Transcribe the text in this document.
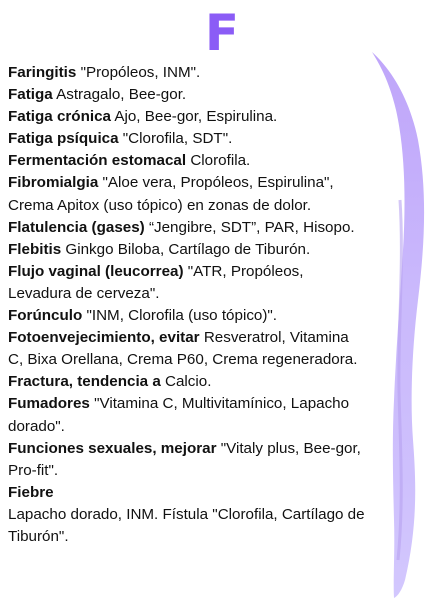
F
Faringitis "Propóleos, INM".
Fatiga Astragalo, Bee-gor.
Fatiga crónica Ajo, Bee-gor, Espirulina.
Fatiga psíquica "Clorofila, SDT".
Fermentación estomacal Clorofila.
Fibromialgia "Aloe vera, Propóleos, Espirulina", Crema Apitox (uso tópico) en zonas de dolor.
Flatulencia (gases) “Jengibre, SDT”, PAR, Hisopo.
Flebitis Ginkgo Biloba, Cartílago de Tiburón.
Flujo vaginal (leucorrea) "ATR, Propóleos, Levadura de cerveza".
Forúnculo "INM, Clorofila (uso tópico)".
Fotoenvejecimiento, evitar Resveratrol, Vitamina C, Bixa Orellana, Crema P60, Crema regeneradora.
Fractura, tendencia a Calcio.
Fumadores "Vitamina C, Multivitamínico, Lapacho dorado".
Funciones sexuales, mejorar "Vitaly plus, Bee-gor, Pro-fit".
Fiebre
Lapacho dorado, INM. Fístula "Clorofila, Cartílago de Tiburón".
